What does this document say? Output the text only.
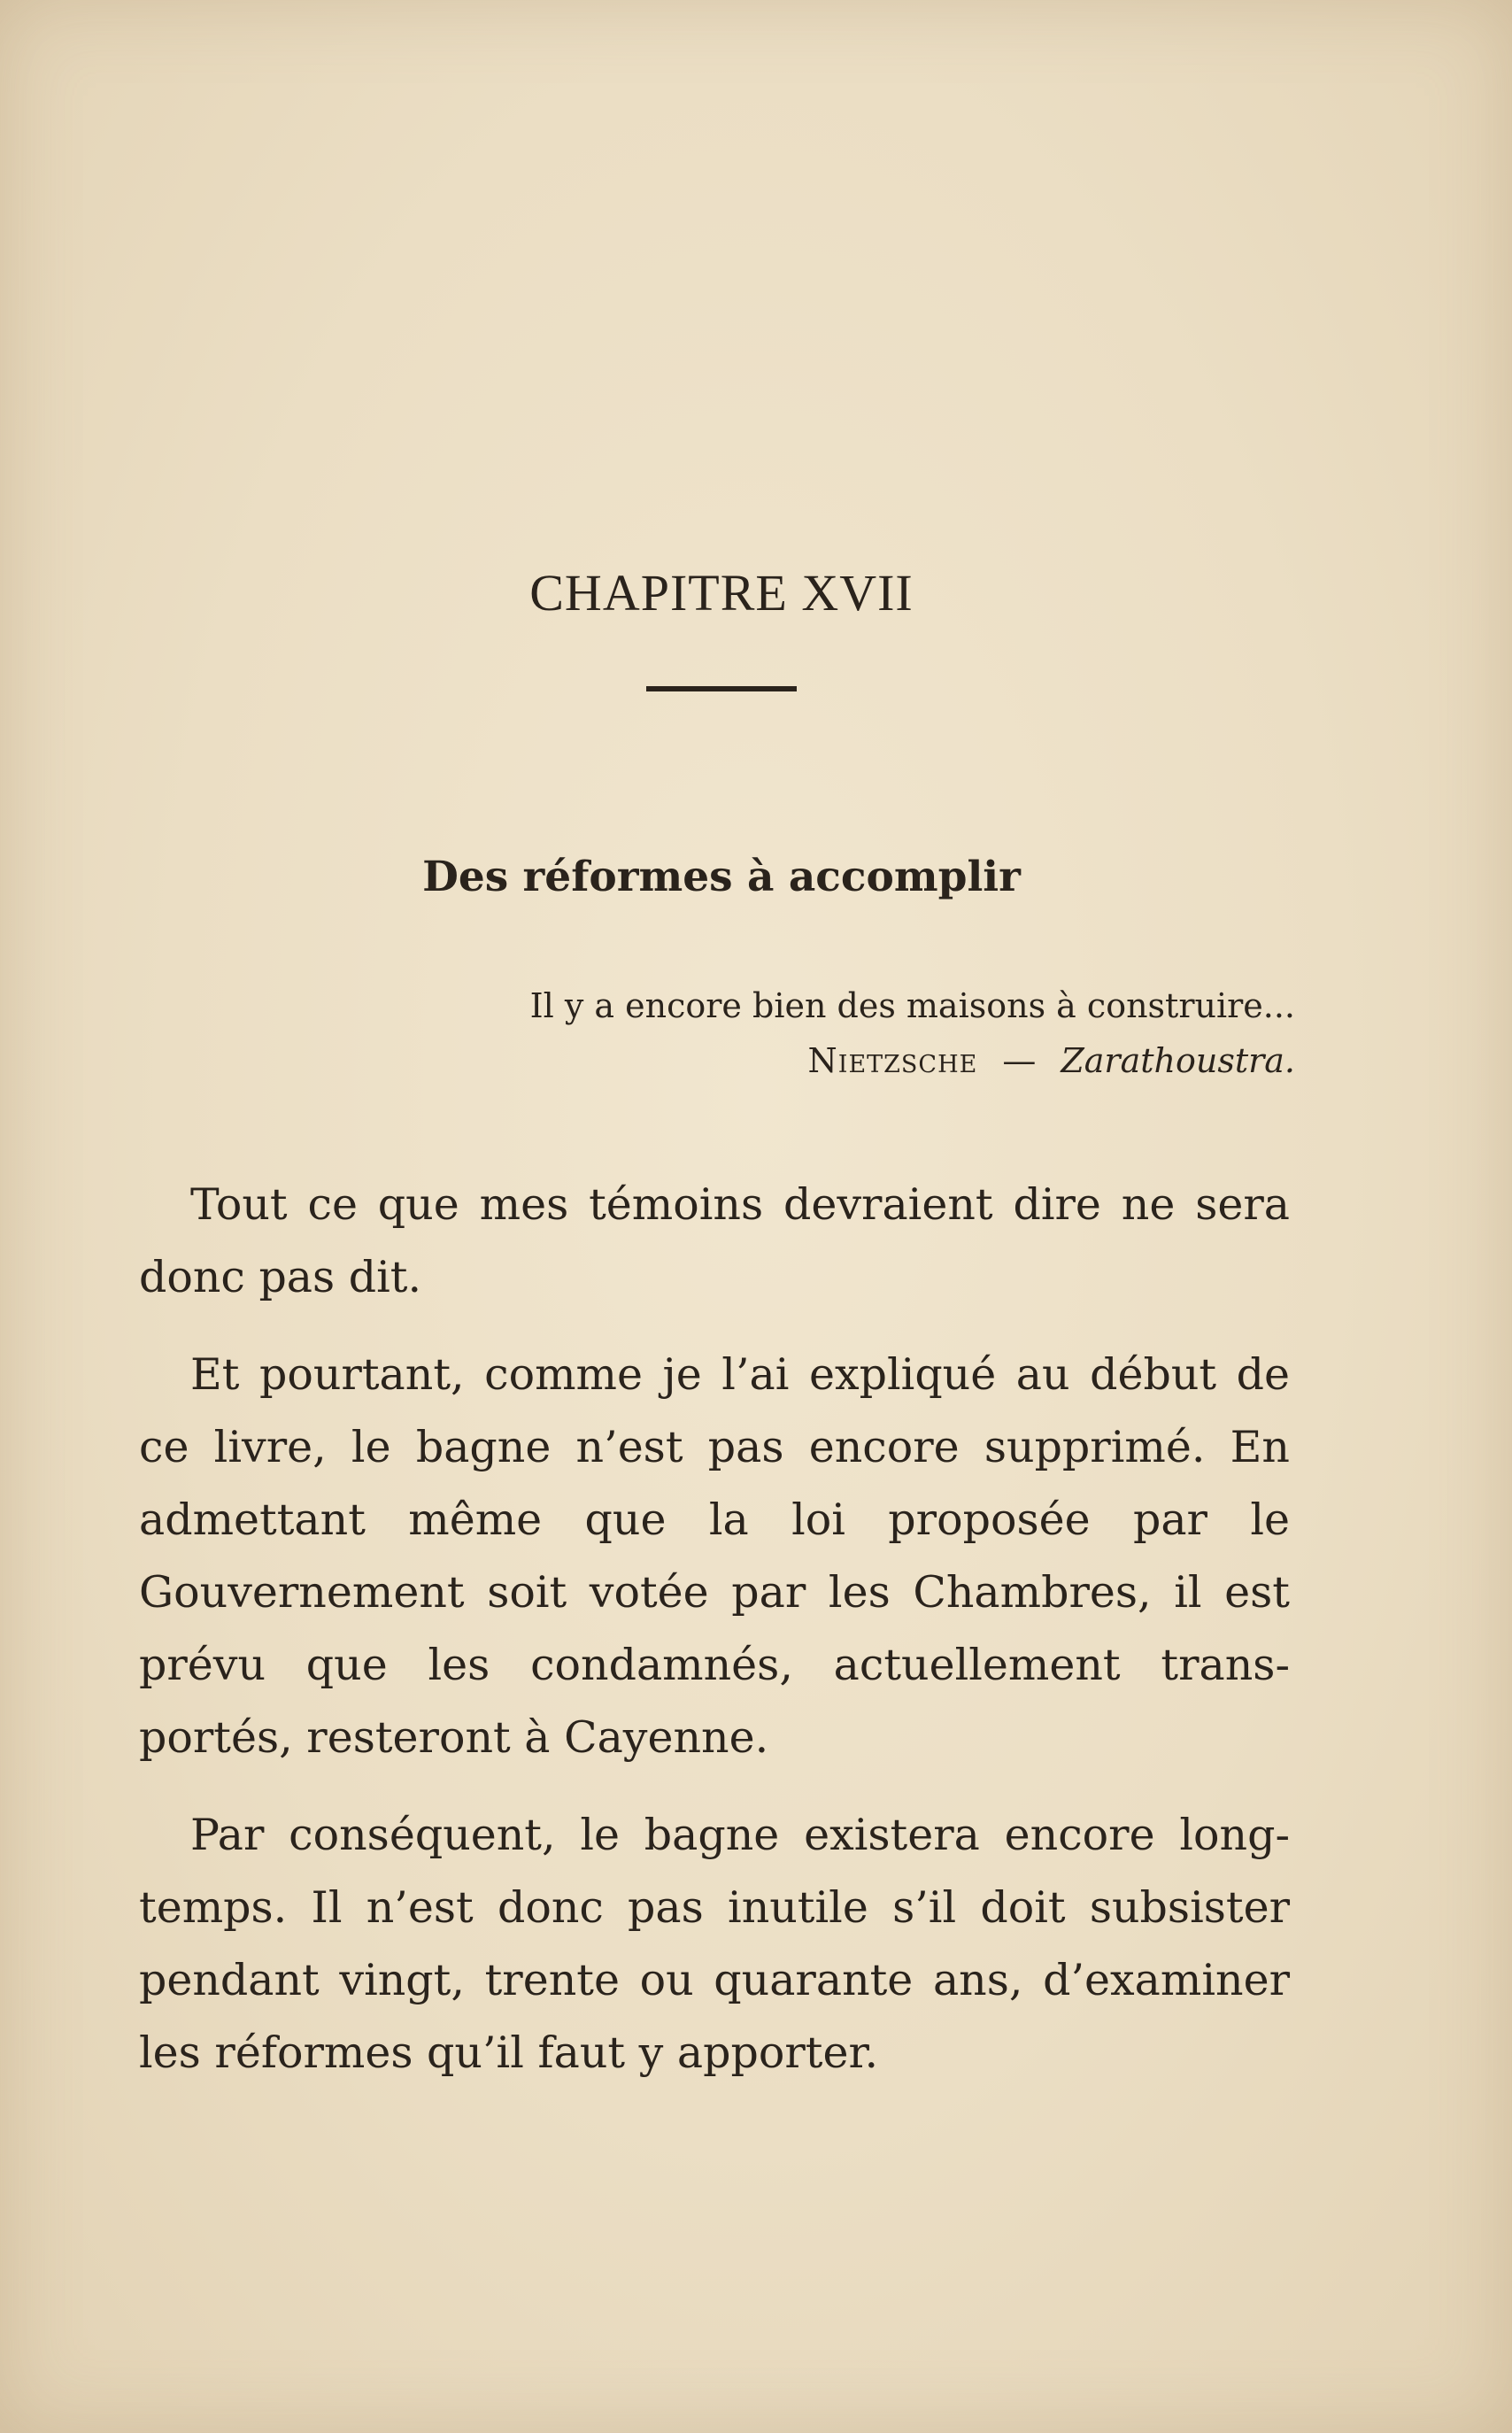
CHAPITRE XVII
Des réformes à accomplir
Il y a encore bien des maisons à construire...
Nietzsche — Zarathoustra.

Tout ce que mes témoins devraient dire ne sera donc pas dit.

Et pourtant, comme je l’ai expliqué au début de ce livre, le bagne n’est pas encore supprimé. En admettant même que la loi proposée par le Gouvernement soit votée par les Chambres, il est prévu que les condamnés, actuellement transportés, resteront à Cayenne.

Par conséquent, le bagne existera encore longtemps. Il n’est donc pas inutile s’il doit subsister pendant vingt, trente ou quarante ans, d’examiner les réformes qu’il faut y apporter.
